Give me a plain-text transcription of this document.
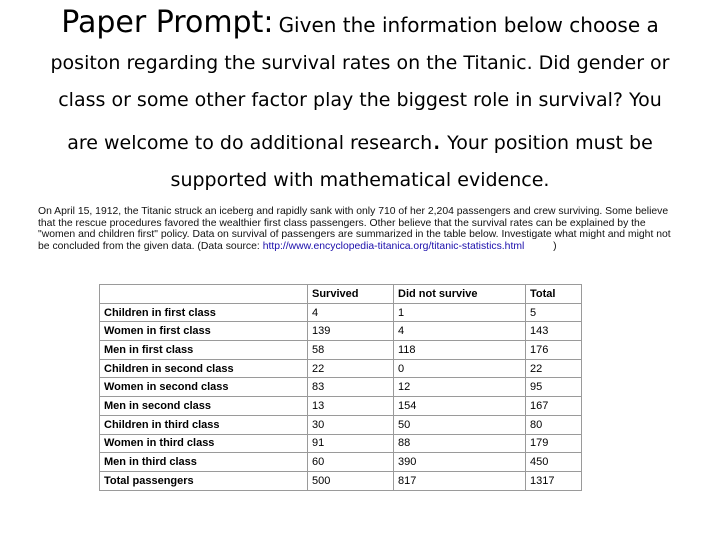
Paper Prompt: Given the information below choose a
positon regarding the survival rates on the Titanic. Did gender or
class or some other factor play the biggest role in survival? You
are welcome to do additional research. Your position must be
supported with mathematical evidence.
On April 15, 1912, the Titanic struck an iceberg and rapidly sank with only 710 of her 2,204 passengers and crew surviving. Some believe that the rescue procedures favored the wealthier first class passengers. Other believe that the survival rates can be explained by the "women and children first" policy. Data on survival of passengers are summarized in the table below. Investigate what might and might not be concluded from the given data. (Data source: http://www.encyclopedia-titanica.org/titanic-statistics.html	)
	Survived	Did not survive	Total
Children in first class	4	1	5
Women in first class	139	4	143
Men in first class	58	118	176
Children in second class	22	0	22
Women in second class	83	12	95
Men in second class	13	154	167
Children in third class	30	50	80
Women in third class	91	88	179
Men in third class	60	390	450
Total passengers	500	817	1317
